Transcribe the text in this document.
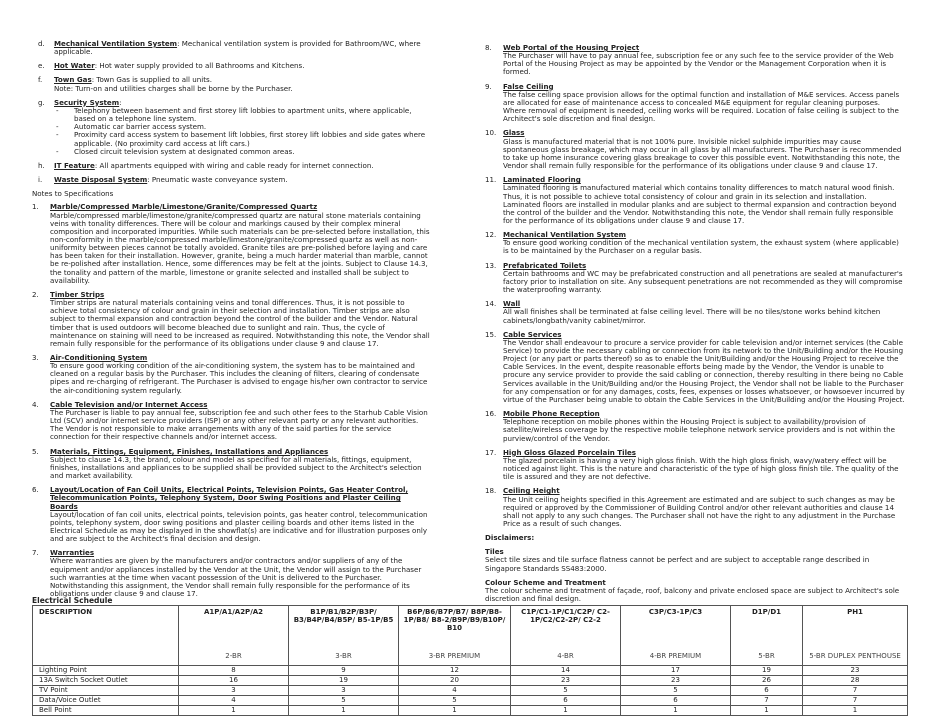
d.	Mechanical Ventilation System: Mechanical ventilation system is provided for Bathroom/WC, where applicable.
e.	Hot Water: Hot water supply provided to all Bathrooms and Kitchens.
f.	Town Gas: Town Gas is supplied to all units.
Note: Turn-on and utilities charges shall be borne by the Purchaser.
g.	Security System:
-	Telephony between basement and first storey lift lobbies to apartment units, where applicable, based on a telephone line system.
-	Automatic car barrier access system.
-	Proximity card access system to basement lift lobbies, first storey lift lobbies and side gates where applicable. (No proximity card access at lift cars.)
-	Closed circuit television system at designated common areas.
h.	IT Feature: All apartments equipped with wiring and cable ready for internet connection.
i.	Waste Disposal System: Pneumatic waste conveyance system.
Notes to Specifications
1.	Marble/Compressed Marble/Limestone/Granite/Compressed Quartz
Marble/compressed marble/limestone/granite/compressed quartz are natural stone materials containing veins with tonality differences. There will be colour and markings caused by their complex mineral composition and incorporated impurities. While such materials can be pre-selected before installation, this non-conformity in the marble/compressed marble/limestone/granite/compressed quartz as well as non-uniformity between pieces cannot be totally avoided. Granite tiles are pre-polished before laying and care has been taken for their installation. However, granite, being a much harder material than marble, cannot be re-polished after installation. Hence, some differences may be felt at the joints. Subject to Clause 14.3, the tonality and pattern of the marble, limestone or granite selected and installed shall be subject to availability.
2.	Timber Strips
Timber strips are natural materials containing veins and tonal differences. Thus, it is not possible to achieve total consistency of colour and grain in their selection and installation. Timber strips are also subject to thermal expansion and contraction beyond the control of the builder and the Vendor. Natural timber that is used outdoors will become bleached due to sunlight and rain. Thus, the cycle of maintenance on staining will need to be increased as required. Notwithstanding this note, the Vendor shall remain fully responsible for the performance of its obligations under clause 9 and clause 17.
3.	Air-Conditioning System
To ensure good working condition of the air-conditioning system, the system has to be maintained and cleaned on a regular basis by the Purchaser. This includes the cleaning of filters, clearing of condensate pipes and re-charging of refrigerant. The Purchaser is advised to engage his/her own contractor to service the air-conditioning system regularly.
4.	Cable Television and/or Internet Access
The Purchaser is liable to pay annual fee, subscription fee and such other fees to the Starhub Cable Vision Ltd (SCV) and/or internet service providers (ISP) or any other relevant party or any relevant authorities. The Vendor is not responsible to make arrangements with any of the said parties for the service connection for their respective channels and/or internet access.
5.	Materials, Fittings, Equipment, Finishes, Installations and Appliances
Subject to clause 14.3, the brand, colour and model as specified for all materials, fittings, equipment, finishes, installations and appliances to be supplied shall be provided subject to the Architect's selection and market availability.
6.	Layout/Location of Fan Coil Units, Electrical Points, Television Points, Gas Heater Control, Telecommunication Points, Telephony System, Door Swing Positions and Plaster Ceiling Boards
Layout/location of fan coil units, electrical points, television points, gas heater control, telecommunication points, telephony system, door swing positions and plaster ceiling boards and other items listed in the Electrical Schedule as may be displayed in the showflat(s) are indicative and for illustration purposes only and are subject to the Architect's final decision and design.
7.	Warranties
Where warranties are given by the manufacturers and/or contractors and/or suppliers of any of the equipment and/or appliances installed by the Vendor at the Unit, the Vendor will assign to the Purchaser such warranties at the time when vacant possession of the Unit is delivered to the Purchaser. Notwithstanding this assignment, the Vendor shall remain fully responsible for the performance of its obligations under clause 9 and clause 17.
8.	Web Portal of the Housing Project
The Purchaser will have to pay annual fee, subscription fee or any such fee to the service provider of the Web Portal of the Housing Project as may be appointed by the Vendor or the Management Corporation when it is formed.
9.	False Ceiling
The false ceiling space provision allows for the optimal function and installation of M&E services. Access panels are allocated for ease of maintenance access to concealed M&E equipment for regular cleaning purposes. Where removal of equipment is needed, ceiling works will be required. Location of false ceiling is subject to the Architect's sole discretion and final design.
10. Glass
Glass is manufactured material that is not 100% pure. Invisible nickel sulphide impurities may cause spontaneous glass breakage, which may occur in all glass by all manufacturers. The Purchaser is recommended to take up home insurance covering glass breakage to cover this possible event. Notwithstanding this note, the Vendor shall remain fully responsible for the performance of its obligations under clause 9 and clause 17.
11. Laminated Flooring
Laminated flooring is manufactured material which contains tonality differences to match natural wood finish. Thus, it is not possible to achieve total consistency of colour and grain in its selection and installation. Laminated floors are installed in modular planks and are subject to thermal expansion and contraction beyond the control of the builder and the Vendor. Notwithstanding this note, the Vendor shall remain fully responsible for the performance of its obligations under clause 9 and clause 17.
12. Mechanical Ventilation System
To ensure good working condition of the mechanical ventilation system, the exhaust system (where applicable) is to be maintained by the Purchaser on a regular basis.
13. Prefabricated Toilets
Certain bathrooms and WC may be prefabricated construction and all penetrations are sealed at manufacturer's factory prior to installation on site. Any subsequent penetrations are not recommended as they will compromise the waterproofing warranty.
14. Wall
All wall finishes shall be terminated at false ceiling level. There will be no tiles/stone works behind kitchen cabinets/longbath/vanity cabinet/mirror.
15. Cable Services
The Vendor shall endeavour to procure a service provider for cable television and/or internet services (the Cable Service) to provide the necessary cabling or connection from its network to the Unit/Building and/or the Housing Project (or any part or parts thereof) so as to enable the Unit/Building and/or the Housing Project to receive the Cable Services. In the event, despite reasonable efforts being made by the Vendor, the Vendor is unable to procure any service provider to provide the said cabling or connection, thereby resulting in there being no Cable Services available in the Unit/Building and/or the Housing Project, the Vendor shall not be liable to the Purchaser for any compensation or for any damages, costs, fees, expenses or losses whatsoever, or howsoever incurred by virtue of the Purchaser being unable to obtain the Cable Services in the Unit/Building and/or the Housing Project.
16. Mobile Phone Reception
Telephone reception on mobile phones within the Housing Project is subject to availability/provision of satellite/wireless coverage by the respective mobile telephone network service providers and is not within the purview/control of the Vendor.
17. High Gloss Glazed Porcelain Tiles
The glazed porcelain is having a very high gloss finish. With the high gloss finish, wavy/watery effect will be noticed against light. This is the nature and characteristic of the type of high gloss finish tile. The quality of the tile is assured and they are not defective.
18. Ceiling Height
The Unit ceiling heights specified in this Agreement are estimated and are subject to such changes as may be required or approved by the Commissioner of Building Control and/or other relevant authorities and clause 14 shall not apply to any such changes. The Purchaser shall not have the right to any adjustment in the Purchase Price as a result of such changes.
Disclaimers:
Tiles
Select tile sizes and tile surface flatness cannot be perfect and are subject to acceptable range described in Singapore Standards SS483:2000.
Colour Scheme and Treatment
The colour scheme and treatment of façade, roof, balcony and private enclosed space are subject to Architect's sole discretion and final design.
Electrical Schedule
DESCRIPTION	A1P/A1/A2P/A2	B1P/B1/B2P/B3P/ B3/B4P/B4/B5P/ B5-1P/B5	B6P/B6/B7P/B7/ B8P/B8-1P/B8/ B8-2/B9P/B9/B10P/ B10	C1P/C1-1P/C1/C2P/ C2-1P/C2/C2-2P/ C2-2	C3P/C3-1P/C3	D1P/D1	PH1
	2-BR	3-BR	3-BR PREMIUM	4-BR	4-BR PREMIUM	5-BR	5-BR DUPLEX PENTHOUSE
Lighting Point	8	9	12	14	17	19	23
13A Switch Socket Outlet	16	19	20	23	23	26	28
TV Point	3	3	4	5	5	6	7
Data/Voice Outlet	4	5	5	6	6	7	7
Bell Point	1	1	1	1	1	1	1
